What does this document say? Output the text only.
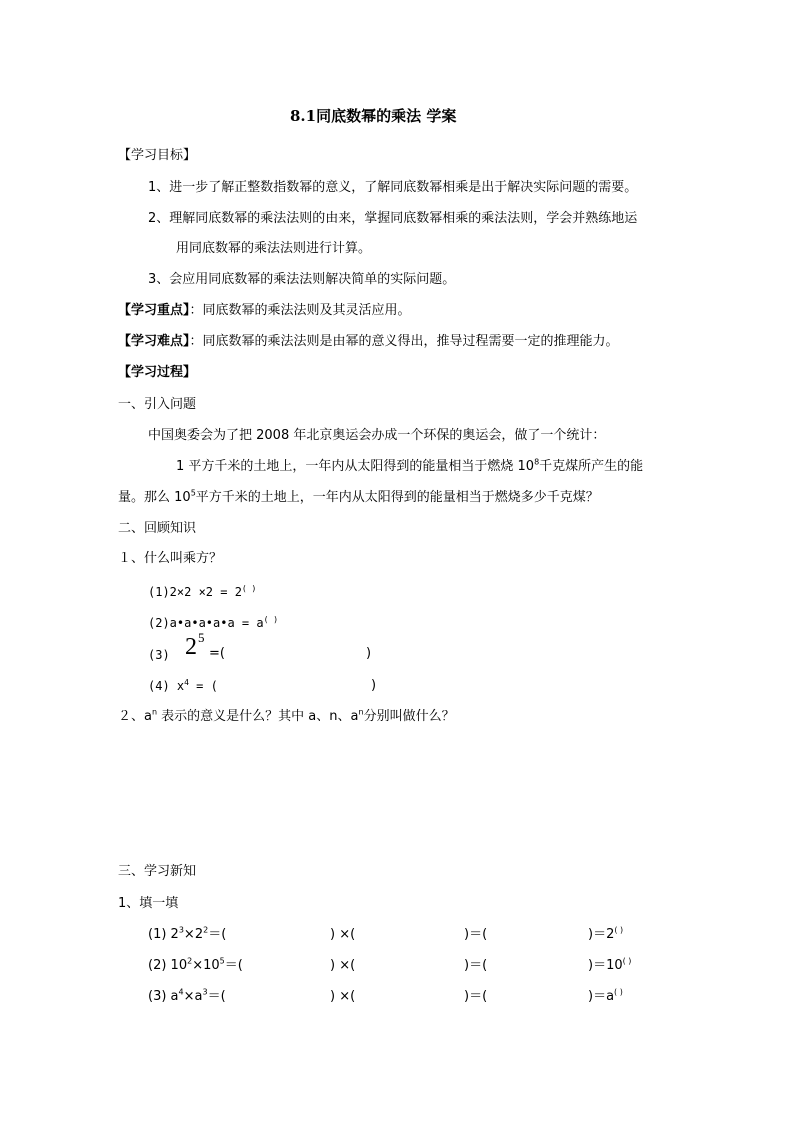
8.1同底数幂的乘法 学案
【学习目标】
1、进一步了解正整数指数幂的意义，了解同底数幂相乘是出于解决实际问题的需要。
2、理解同底数幂的乘法法则的由来，掌握同底数幂相乘的乘法法则，学会并熟练地运
用同底数幂的乘法法则进行计算。
3、会应用同底数幂的乘法法则解决简单的实际问题。
【学习重点】：同底数幂的乘法法则及其灵活应用。
【学习难点】：同底数幂的乘法法则是由幂的意义得出，推导过程需要一定的推理能力。
【学习过程】
一、引入问题
中国奥委会为了把 2008 年北京奥运会办成一个环保的奥运会，做了一个统计：
1 平方千米的土地上，一年内从太阳得到的能量相当于燃烧 $10^8$千克煤所产生的能
量。那么 $10^5$平方千米的土地上，一年内从太阳得到的能量相当于燃烧多少千克煤？
二、回顾知识
１、什么叫乘方？
(1)2×2 ×2 = 2( )
(2)a•a•a•a•a = a( )
(3) 2 5
=(	)
(4) $x^4$ = (	)
２、$a^n$ 表示的意义是什么？其中 a、n、$a^n$分别叫做什么？
三、学习新知
1、填一填
(1) $2^3\times 2^2=$(	) ×(	)＝(	)＝2( )
(2) $10^2\times 10^5=$(	) ×(	)＝(	)＝10( )
(3) $a^4\times a^3=$(	) ×(	)＝(	)＝a( )
